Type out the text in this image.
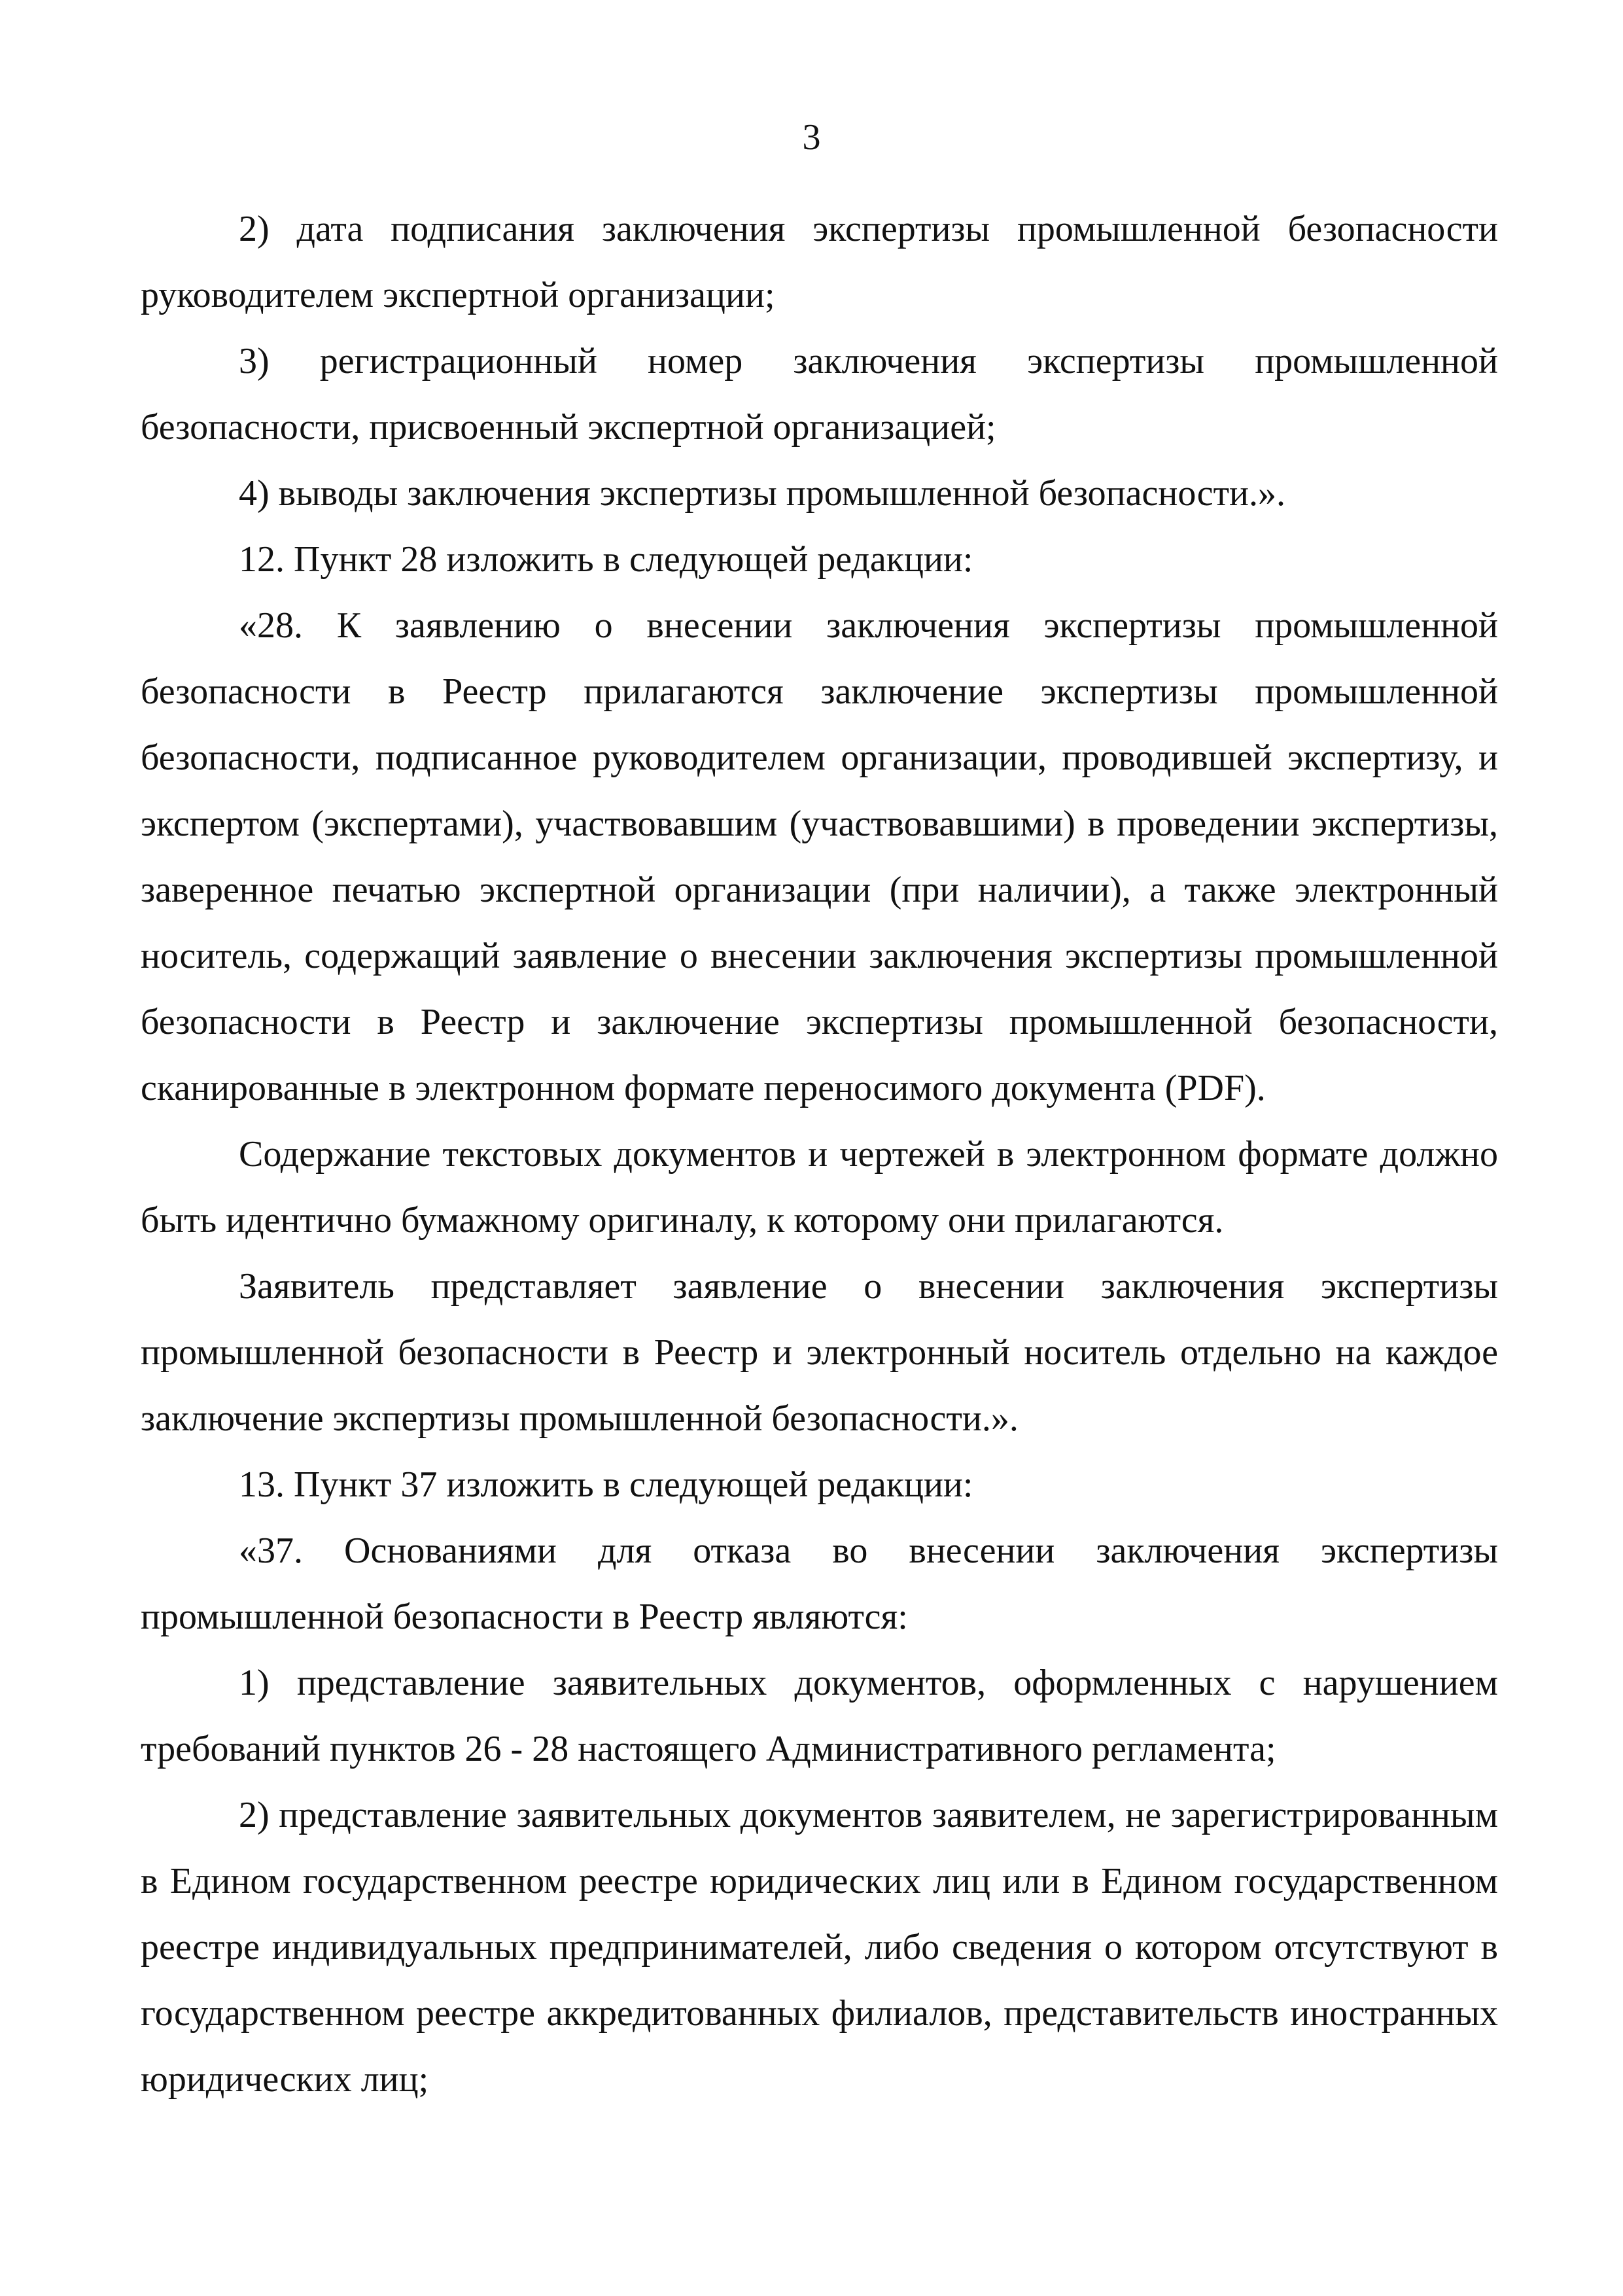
3

2) дата подписания заключения экспертизы промышленной безопасности руководителем экспертной организации;

3) регистрационный номер заключения экспертизы промышленной безопасности, присвоенный экспертной организацией;

4) выводы заключения экспертизы промышленной безопасности.».

12. Пункт 28 изложить в следующей редакции:

«28. К заявлению о внесении заключения экспертизы промышленной безопасности в Реестр прилагаются заключение экспертизы промышленной безопасности, подписанное руководителем организации, проводившей экспертизу, и экспертом (экспертами), участвовавшим (участвовавшими) в проведении экспертизы, заверенное печатью экспертной организации (при наличии), а также электронный носитель, содержащий заявление о внесении заключения экспертизы промышленной безопасности в Реестр и заключение экспертизы промышленной безопасности, сканированные в электронном формате переносимого документа (PDF).

Содержание текстовых документов и чертежей в электронном формате должно быть идентично бумажному оригиналу, к которому они прилагаются.

Заявитель представляет заявление о внесении заключения экспертизы промышленной безопасности в Реестр и электронный носитель отдельно на каждое заключение экспертизы промышленной безопасности.».

13. Пункт 37 изложить в следующей редакции:

«37. Основаниями для отказа во внесении заключения экспертизы промышленной безопасности в Реестр являются:

1) представление заявительных документов, оформленных с нарушением требований пунктов 26 - 28 настоящего Административного регламента;

2) представление заявительных документов заявителем, не зарегистрированным в Едином государственном реестре юридических лиц или в Едином государственном реестре индивидуальных предпринимателей, либо сведения о котором отсутствуют в государственном реестре аккредитованных филиалов, представительств иностранных юридических лиц;
